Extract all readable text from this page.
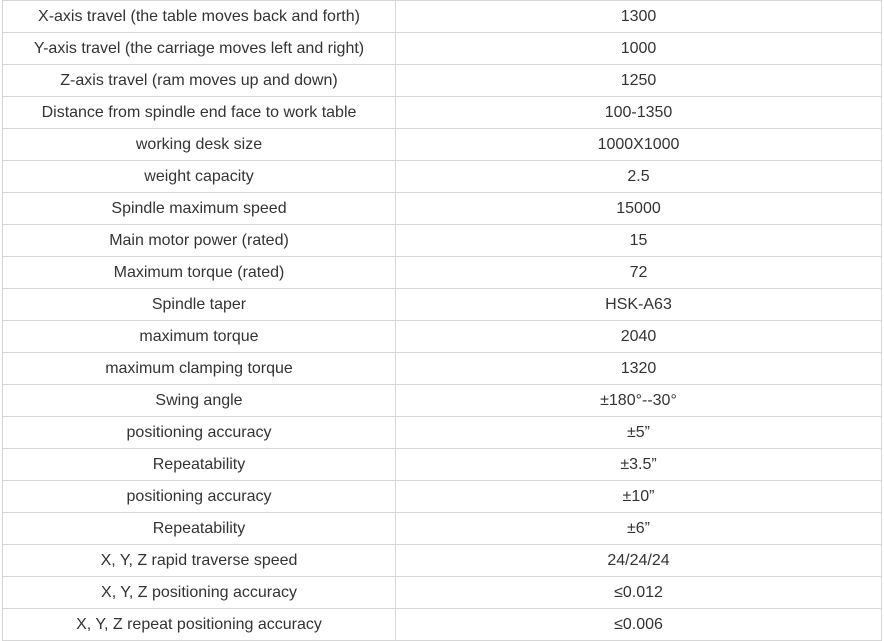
X-axis travel (the table moves back and forth)	1300
Y-axis travel (the carriage moves left and right)	1000
Z-axis travel (ram moves up and down)	1250
Distance from spindle end face to work table	100-1350
working desk size	1000X1000
weight capacity	2.5
Spindle maximum speed	15000
Main motor power (rated)	15
Maximum torque (rated)	72
Spindle taper	HSK-A63
maximum torque	2040
maximum clamping torque	1320
Swing angle	±180°--30°
positioning accuracy	±5”
Repeatability	±3.5”
positioning accuracy	±10”
Repeatability	±6”
X, Y, Z rapid traverse speed	24/24/24
X, Y, Z positioning accuracy	≤0.012
X, Y, Z repeat positioning accuracy	≤0.006
